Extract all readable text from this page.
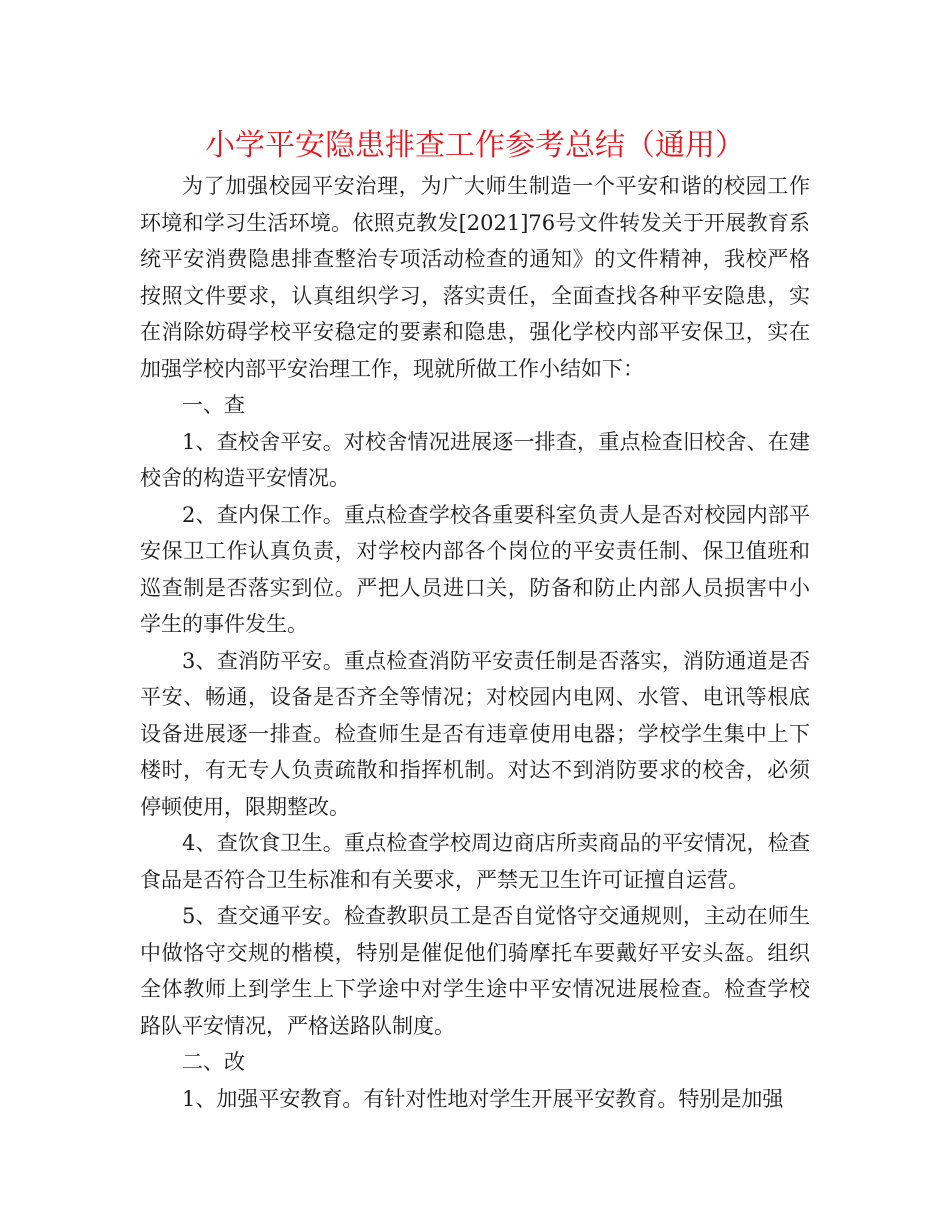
小学平安隐患排查工作参考总结（通用）

为了加强校园平安治理，为广大师生制造一个平安和谐的校园工作环境和学习生活环境。依照克教发[2021]76号文件转发关于开展教育系统平安消费隐患排查整治专项活动检查的通知》的文件精神，我校严格按照文件要求，认真组织学习，落实责任，全面查找各种平安隐患，实在消除妨碍学校平安稳定的要素和隐患，强化学校内部平安保卫，实在加强学校内部平安治理工作，现就所做工作小结如下：

一、查

1、查校舍平安。对校舍情况进展逐一排查，重点检查旧校舍、在建校舍的构造平安情况。

2、查内保工作。重点检查学校各重要科室负责人是否对校园内部平安保卫工作认真负责，对学校内部各个岗位的平安责任制、保卫值班和巡查制是否落实到位。严把人员进口关，防备和防止内部人员损害中小学生的事件发生。

3、查消防平安。重点检查消防平安责任制是否落实，消防通道是否平安、畅通，设备是否齐全等情况；对校园内电网、水管、电讯等根底设备进展逐一排查。检查师生是否有违章使用电器；学校学生集中上下楼时，有无专人负责疏散和指挥机制。对达不到消防要求的校舍，必须停顿使用，限期整改。

4、查饮食卫生。重点检查学校周边商店所卖商品的平安情况，检查食品是否符合卫生标准和有关要求，严禁无卫生许可证擅自运营。

5、查交通平安。检查教职员工是否自觉恪守交通规则，主动在师生中做恪守交规的楷模，特别是催促他们骑摩托车要戴好平安头盔。组织全体教师上到学生上下学途中对学生途中平安情况进展检查。检查学校路队平安情况，严格送路队制度。

二、改

1、加强平安教育。有针对性地对学生开展平安教育。特别是加强
